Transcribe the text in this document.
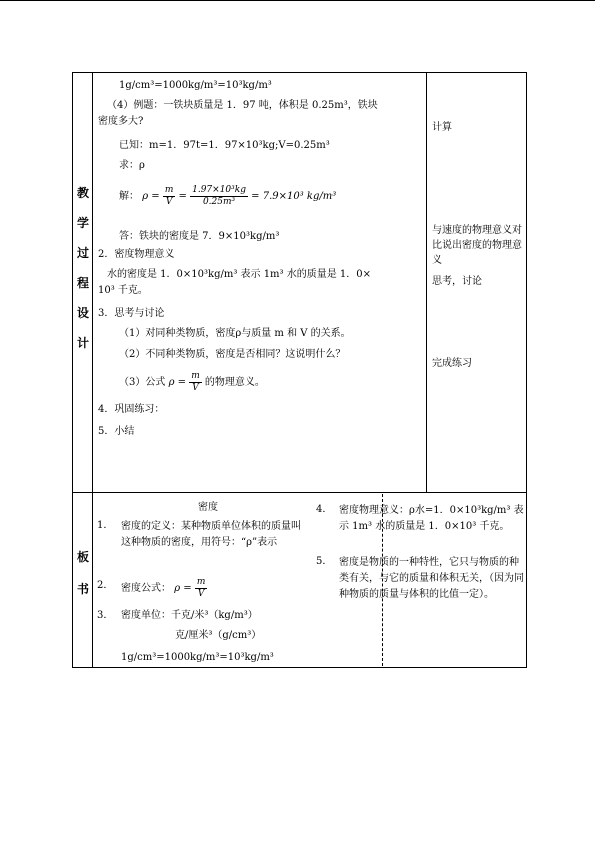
教
学
过
程
设
计
1g/cm³=1000kg/m³=10³kg/m³
（4）例题：一铁块质量是 1．97 吨，体积是 0.25m³，铁块
密度多大?
已知：m=1．97t=1．97×10³kg;V=0.25m³
求：ρ
解： $\rho = \frac{m}{V} = \frac{\text{1.97×10³kg}}{\text{0.25m³}} = 7.9\times 10^3$ kg/m³
答：铁块的密度是 7．9×10³kg/m³
2．密度物理意义
水的密度是 1．0×10³kg/m³ 表示 1m³ 水的质量是 1．0×
10³ 千克。
3．思考与讨论
（1）对同种类物质，密度ρ与质量 m 和 V 的关系。
（2）不同种类物质，密度是否相同？这说明什么？
（3）公式 $\rho = \frac{m}{V}$ 的物理意义。
4．巩固练习：
5．小结
计算
与速度的物理意义对比说出密度的物理意义
思考，讨论
完成练习
板
书
密度
1． 密度的定义：某种物质单位体积的质量叫这种物质的密度，用符号：“ρ”表示
2． 密度公式： $\rho = \frac{m}{V}$
3． 密度单位：千克/米³（kg/m³）
克/厘米³（g/cm³）
1g/cm³=1000kg/m³=10³kg/m³
4． 密度物理意义：ρ水=1．0×10³kg/m³ 表示 1m³ 水的质量是 1．0×10³ 千克。
5． 密度是物质的一种特性，它只与物质的种类有关，与它的质量和体积无关，（因为同种物质的质量与体积的比值一定）。
